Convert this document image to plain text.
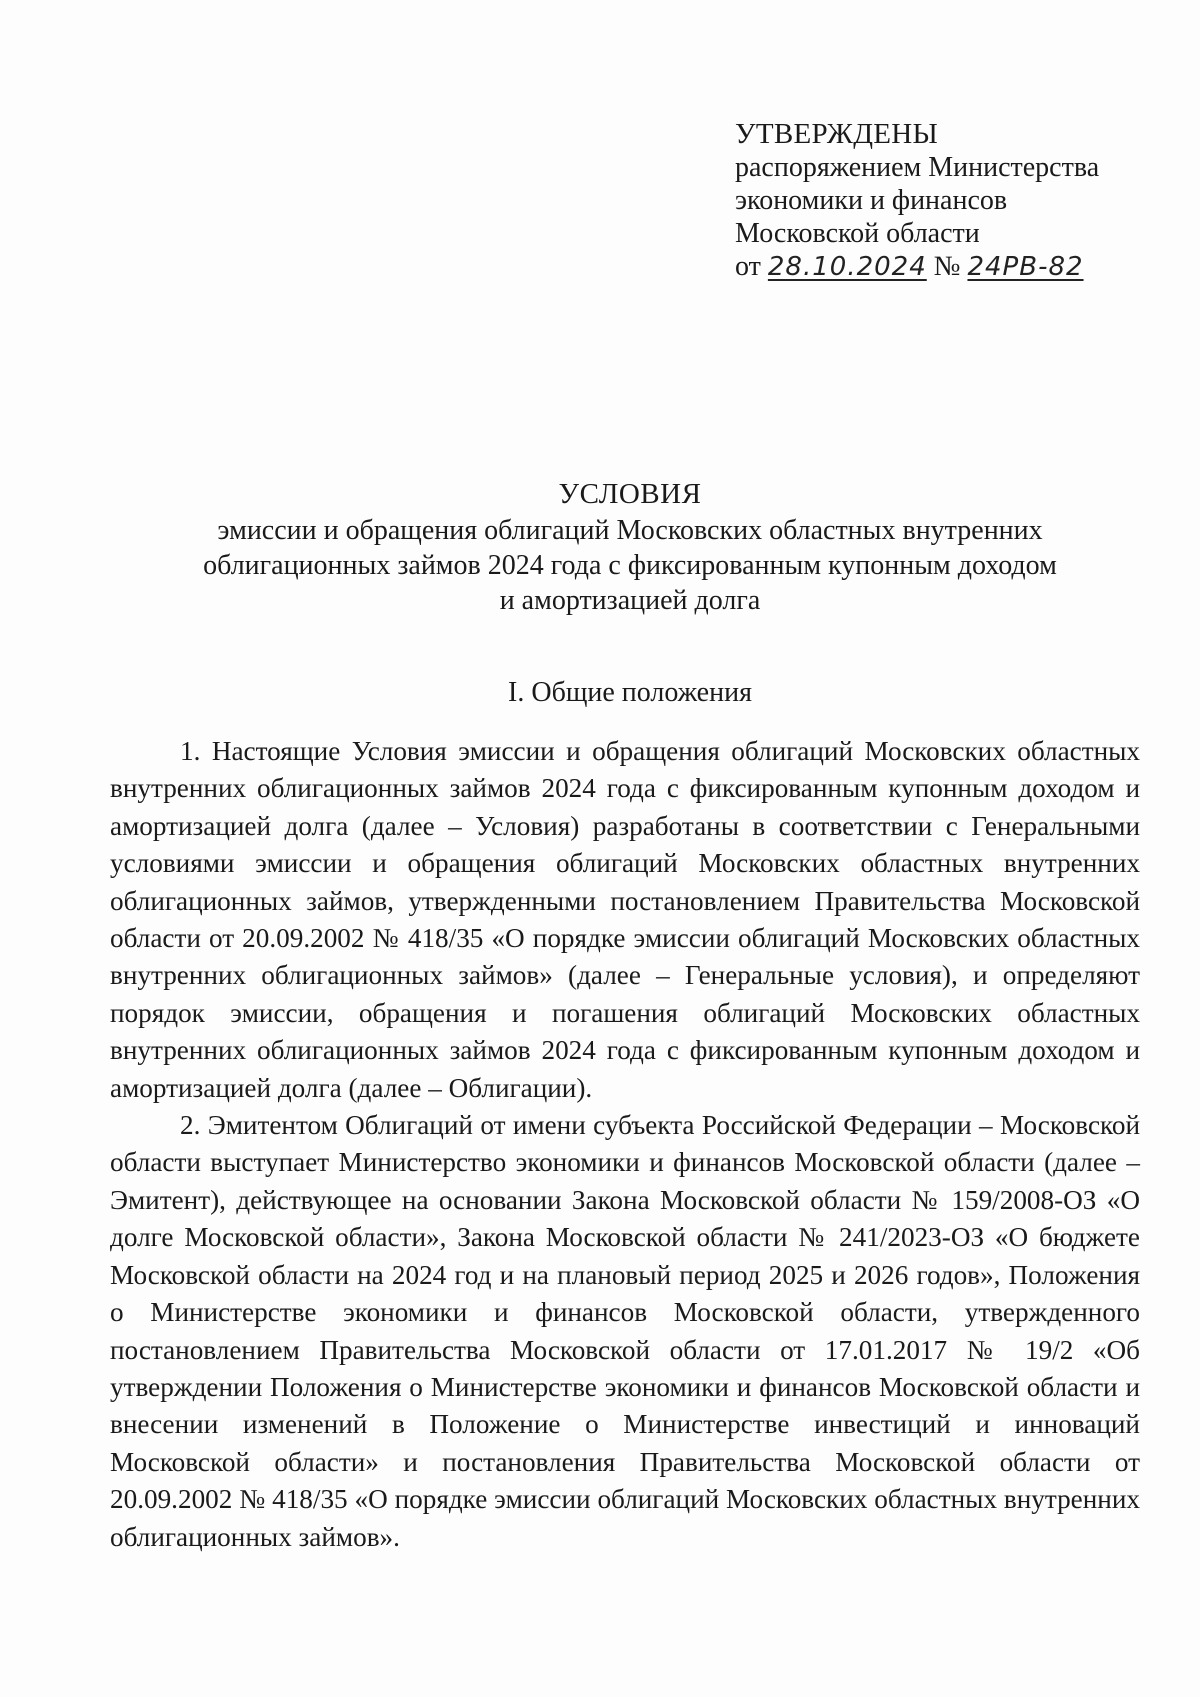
УТВЕРЖДЕНЫ
распоряжением Министерства
экономики и финансов
Московской области
от 28.10.2024 № 24РВ-82
УСЛОВИЯ
эмиссии и обращения облигаций Московских областных внутренних
облигационных займов 2024 года с фиксированным купонным доходом
и амортизацией долга
I. Общие положения

1. Настоящие Условия эмиссии и обращения облигаций Московских областных внутренних облигационных займов 2024 года с фиксированным купонным доходом и амортизацией долга (далее – Условия) разработаны в соответствии с Генеральными условиями эмиссии и обращения облигаций Московских областных внутренних облигационных займов, утвержденными постановлением Правительства Московской области от 20.09.2002 № 418/35 «О порядке эмиссии облигаций Московских областных внутренних облигационных займов» (далее – Генеральные условия), и определяют порядок эмиссии, обращения и погашения облигаций Московских областных внутренних облигационных займов 2024 года с фиксированным купонным доходом и амортизацией долга (далее – Облигации).

2. Эмитентом Облигаций от имени субъекта Российской Федерации – Московской области выступает Министерство экономики и финансов Московской области (далее – Эмитент), действующее на основании Закона Московской области № 159/2008-ОЗ «О долге Московской области», Закона Московской области № 241/2023-ОЗ «О бюджете Московской области на 2024 год и на плановый период 2025 и 2026 годов», Положения о Министерстве экономики и финансов Московской области, утвержденного постановлением Правительства Московской области от 17.01.2017 № 19/2 «Об утверждении Положения о Министерстве экономики и финансов Московской области и внесении изменений в Положение о Министерстве инвестиций и инноваций Московской области» и постановления Правительства Московской области от 20.09.2002 № 418/35 «О порядке эмиссии облигаций Московских областных внутренних облигационных займов».
